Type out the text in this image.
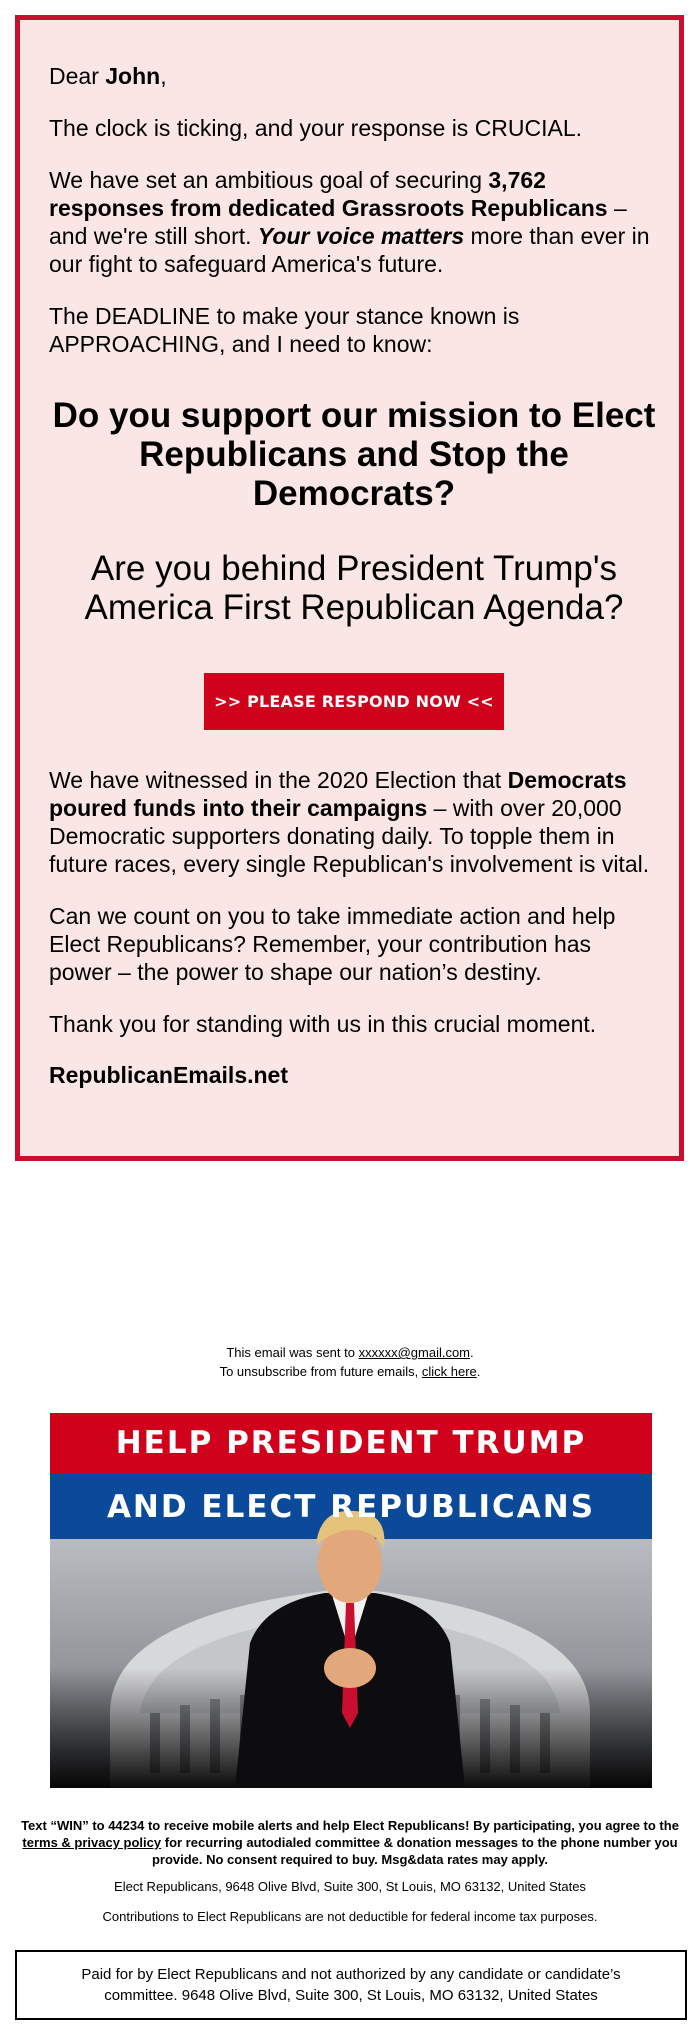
Dear John,

The clock is ticking, and your response is CRUCIAL.

We have set an ambitious goal of securing 3,762 responses from dedicated Grassroots Republicans – and we're still short. Your voice matters more than ever in our fight to safeguard America's future.

The DEADLINE to make your stance known is APPROACHING, and I need to know:

Do you support our mission to Elect Republicans and Stop the Democrats?
Are you behind President Trump's America First Republican Agenda?
>> PLEASE RESPOND NOW <<

We have witnessed in the 2020 Election that Democrats poured funds into their campaigns – with over 20,000 Democratic supporters donating daily. To topple them in future races, every single Republican's involvement is vital.

Can we count on you to take immediate action and help Elect Republicans? Remember, your contribution has power – the power to shape our nation’s destiny.

Thank you for standing with us in this crucial moment.

RepublicanEmails.net

This email was sent to xxxxxx@gmail.com.
To unsubscribe from future emails, click here.
HELP PRESIDENT TRUMP
AND ELECT REPUBLICANS
Text “WIN” to 44234 to receive mobile alerts and help Elect Republicans! By participating, you agree to the terms & privacy policy for recurring autodialed committee & donation messages to the phone number you provide. No consent required to buy. Msg&data rates may apply.
Elect Republicans, 9648 Olive Blvd, Suite 300, St Louis, MO 63132, United States
Contributions to Elect Republicans are not deductible for federal income tax purposes.
Paid for by Elect Republicans and not authorized by any candidate or candidate’s committee. 9648 Olive Blvd, Suite 300, St Louis, MO 63132, United States
